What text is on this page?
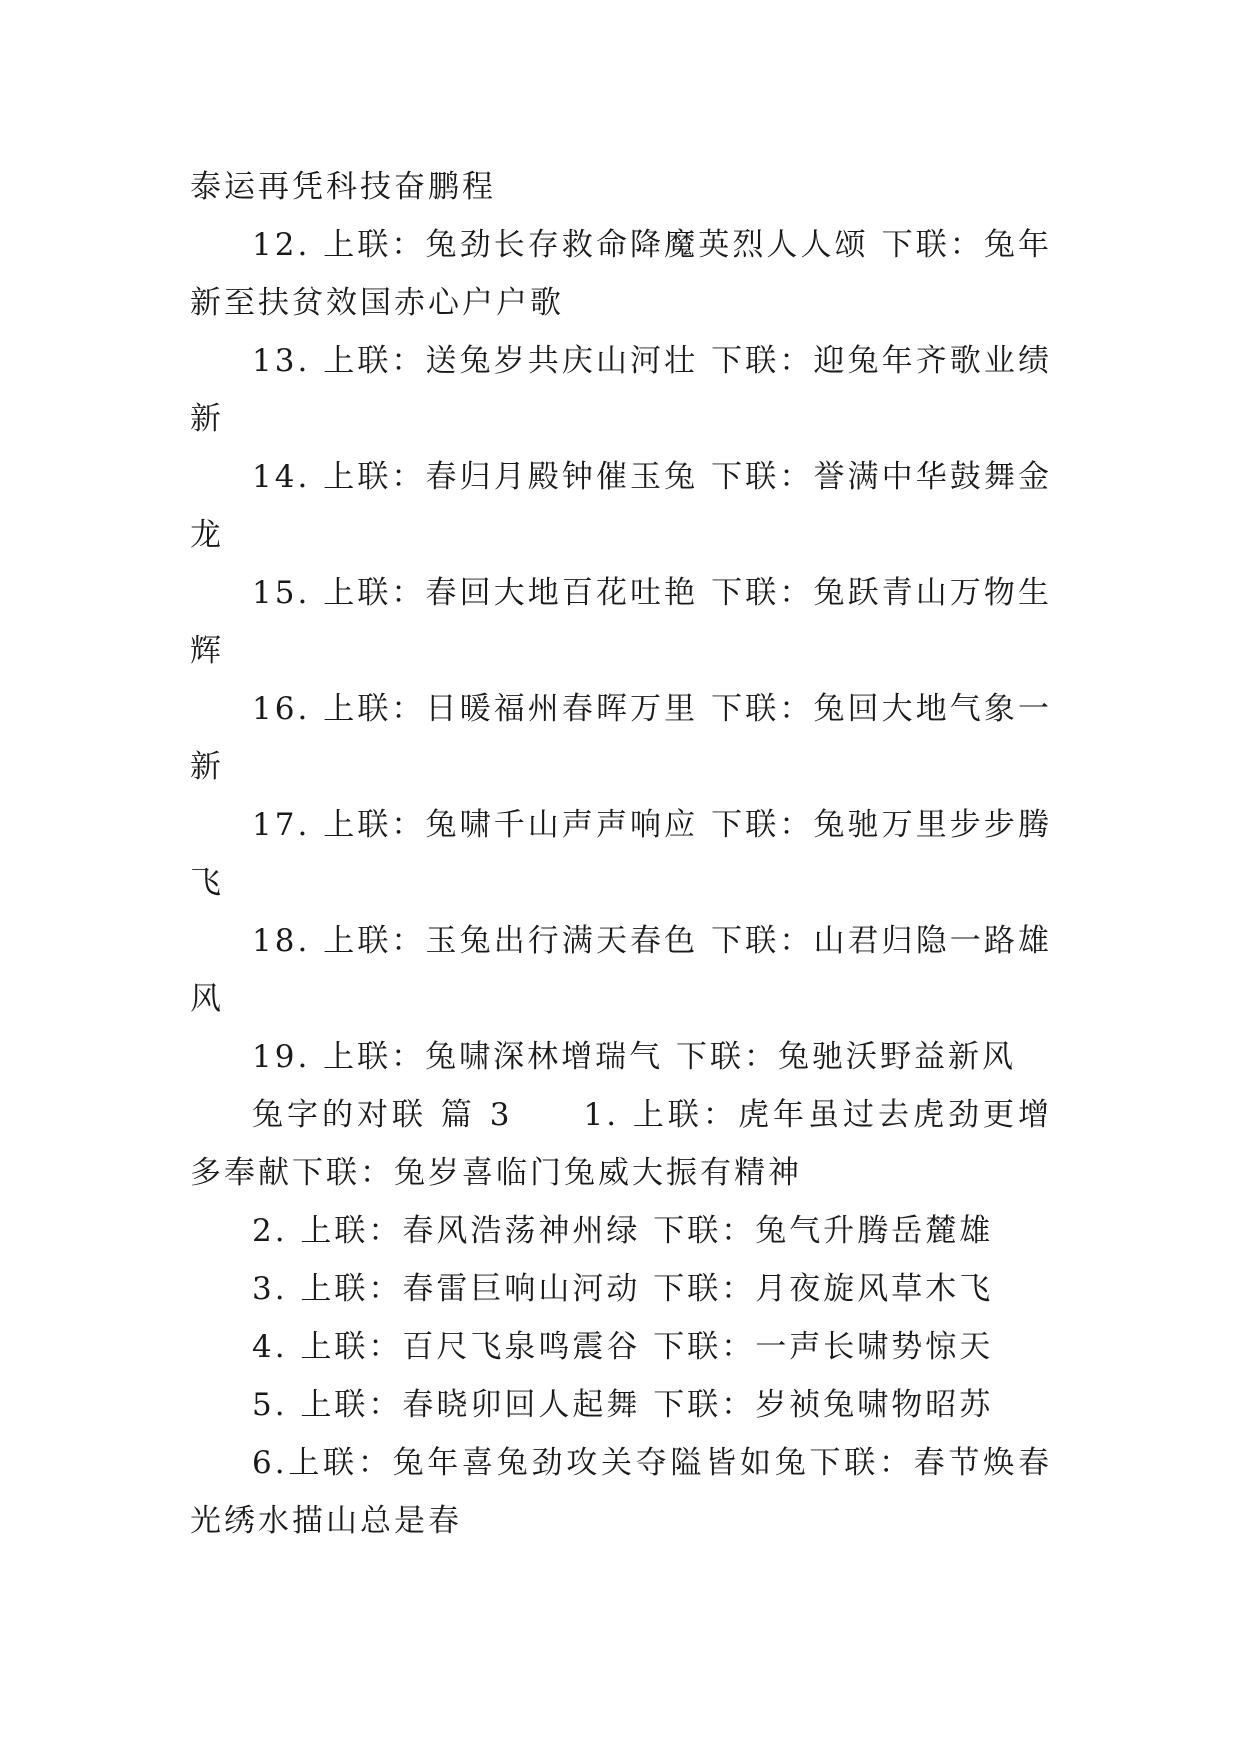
泰运再凭科技奋鹏程

12. 上联：兔劲长存救命降魔英烈人人颂 下联：兔年新至扶贫效国赤心户户歌

13. 上联：送兔岁共庆山河壮 下联：迎兔年齐歌业绩新

14. 上联：春归月殿钟催玉兔 下联：誉满中华鼓舞金龙

15. 上联：春回大地百花吐艳 下联：兔跃青山万物生辉

16. 上联：日暖福州春晖万里 下联：兔回大地气象一新

17. 上联：兔啸千山声声响应 下联：兔驰万里步步腾飞

18. 上联：玉兔出行满天春色 下联：山君归隐一路雄风

19. 上联：兔啸深林增瑞气 下联：兔驰沃野益新风

兔字的对联 篇 3　　1. 上联：虎年虽过去虎劲更增多奉献下联：兔岁喜临门兔威大振有精神

2. 上联：春风浩荡神州绿 下联：兔气升腾岳麓雄

3. 上联：春雷巨响山河动 下联：月夜旋风草木飞

4. 上联：百尺飞泉鸣震谷 下联：一声长啸势惊天

5. 上联：春晓卯回人起舞 下联：岁祯兔啸物昭苏

6.上联：兔年喜兔劲攻关夺隘皆如兔下联：春节焕春光绣水描山总是春
